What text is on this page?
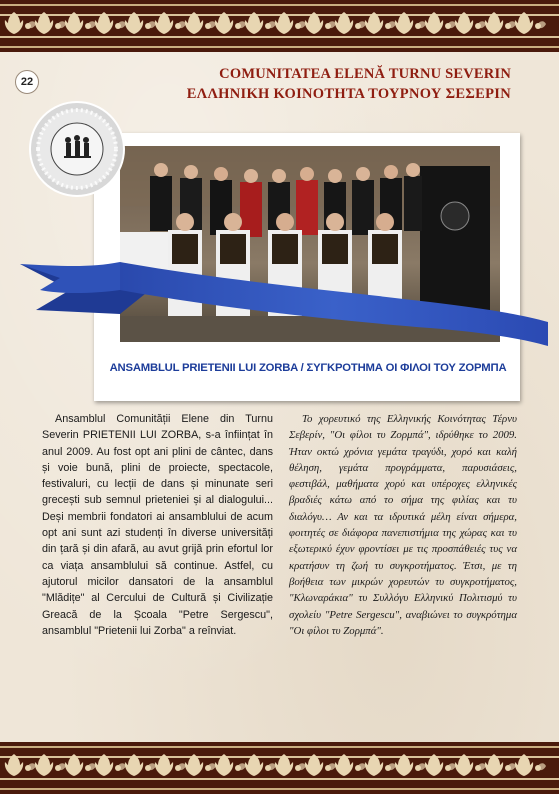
22	COMUNITATEA ELENĂ TURNU SEVERIN
ΕΛΛΗΝΙΚΗ ΚΟΙΝΟΤΗΤΑ ΤΟΥΡΝΟΥ ΣΕΣΕΡΙΝ
ANSAMBLUL PRIETENII LUI ZORBA / ΣΥΓΚΡΟΤΗΜΑ ΟΙ ΦΙΛΟΙ ΤΟΥ ΖΟΡΜΠΑ
Ansamblul Comunității Elene din Turnu Severin PRIETENII LUI ZORBA, s-a înființat în anul 2009. Au fost opt ani plini de cântec, dans și voie bună, plini de proiecte, spectacole, festivaluri, cu lecții de dans și minunate seri grecești sub semnul prieteniei și al dialogului... Deși membrii fondatori ai ansamblului de acum opt ani sunt azi studenți în diverse universități din țară și din afară, au avut grijă prin efortul lor ca viața ansamblului să continue. Astfel, cu ajutorul micilor dansatori de la ansamblul "Mlădițe" al Cercului de Cultură și Civilizație Greacă de la Școala "Petre Sergescu", ansamblul "Prietenii lui Zorba" a reînviat.
Το χορευτικό της Ελληνικής Κοινότητας Τέρνυ Σεβερίν, "Οι φίλοι τυ Ζορμπά", ιδρύθηκε το 2009. Ήταν οκτώ χρόνια γεμάτα τραγύδι, χορό και καλή θέληση, γεμάτα προγράμματα, παρυσιάσεις, φεστιβάλ, μαθήματα χορύ και υπέροχες ελληνικές βραδιές κάτω από το σήμα της φιλίας και τυ διαλόγυ… Αν και τα ιδρυτικά μέλη είναι σήμερα, φοιτητές σε διάφορα πανεπιστήμια της χώρας και τυ εξωτερικύ έχυν φροντίσει με τις προσπάθειές τυς να κρατήσυν τη ζωή τυ συγκροτήματος. Έτσι, με τη βοήθεια των μικρών χορευτών τυ συγκροτήματος, "Κλωναράκια" τυ Συλλόγυ Ελληνικύ Πολιτισμύ τυ σχολείυ "Petre Sergescu", αναβιώνει το συγκρότημα "Οι φίλοι τυ Ζορμπά".
